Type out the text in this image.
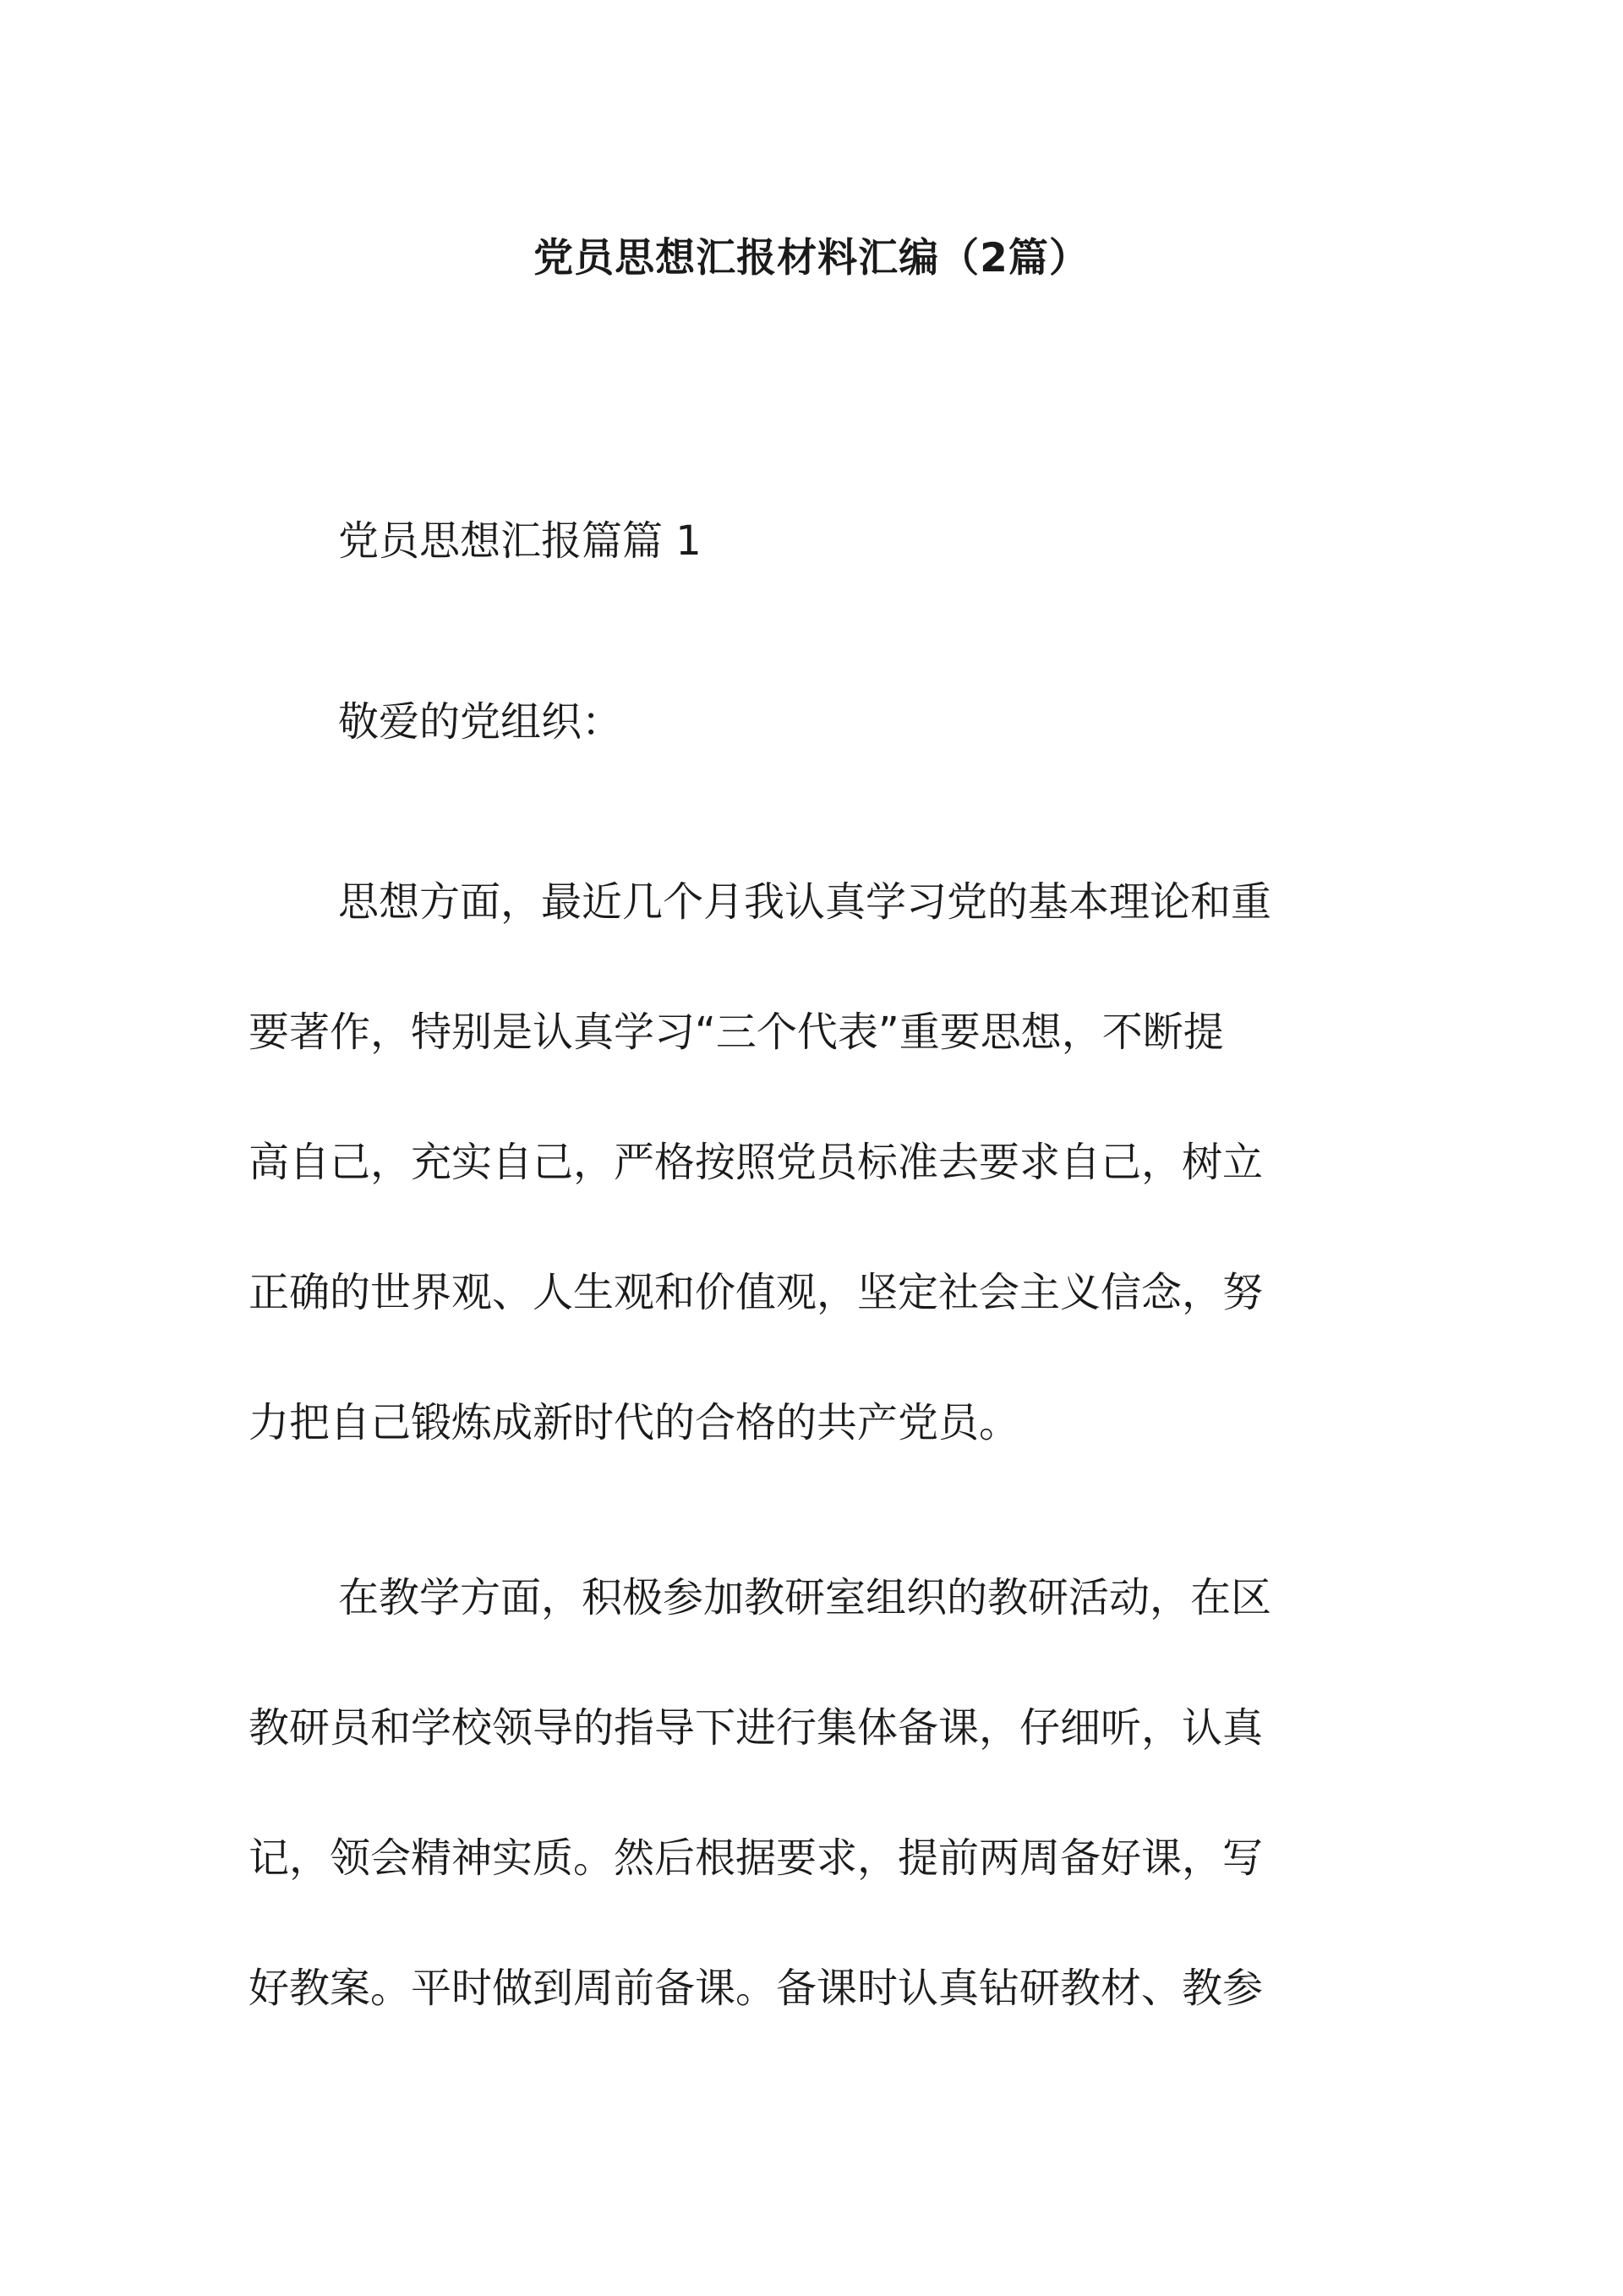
党员思想汇报材料汇编（2篇）
党员思想汇报篇篇 1
敬爱的党组织：
思想方面，最近几个月我认真学习党的基本理论和重
要著作，特别是认真学习“三个代表”重要思想，不断提
高自己，充实自己，严格按照党员标准去要求自己，树立
正确的世界观、人生观和价值观，坚定社会主义信念，努
力把自己锻炼成新时代的合格的共产党员。
在教学方面，积极参加教研室组织的教研活动，在区
教研员和学校领导的指导下进行集体备课，仔细听，认真
记，领会精神实质。然后根据要求，提前两周备好课，写
好教案。平时做到周前备课。备课时认真钻研教材、教参
